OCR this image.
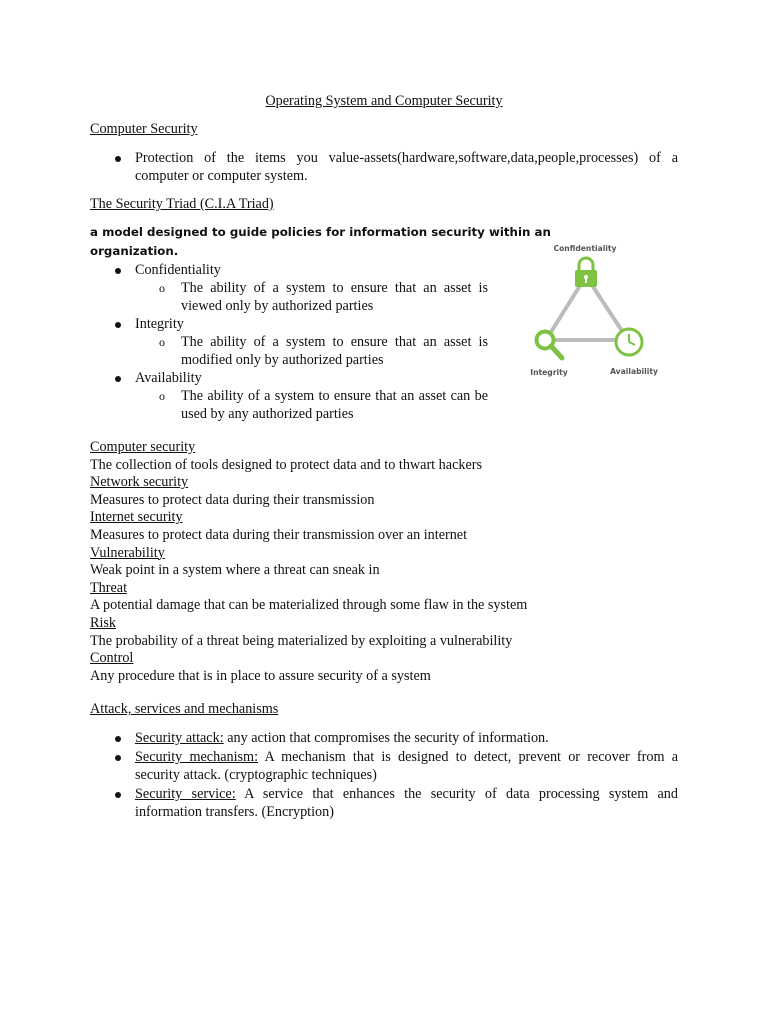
Operating System and Computer Security
Computer Security
Protection of the items you value-assets(hardware,software,data,people,processes) of a computer or computer system.
The Security Triad (C.I.A Triad)
a model designed to guide policies for information security within an
organization.
Confidentiality
o The ability of a system to ensure that an asset is viewed only by authorized parties
Integrity
o The ability of a system to ensure that an asset is modified only by authorized parties
Availability
o The ability of a system to ensure that an asset can be used by any authorized parties
Confidentiality
Integrity	Availability
Computer security
The collection of tools designed to protect data and to thwart hackers
Network security
Measures to protect data during their transmission
Internet security
Measures to protect data during their transmission over an internet
Vulnerability
Weak point in a system where a threat can sneak in
Threat
A potential damage that can be materialized through some flaw in the system
Risk
The probability of a threat being materialized by exploiting a vulnerability
Control
Any procedure that is in place to assure security of a system
Attack, services and mechanisms
Security attack: any action that compromises the security of information.
Security mechanism: A mechanism that is designed to detect, prevent or recover from a security attack. (cryptographic techniques)
Security service: A service that enhances the security of data processing system and information transfers. (Encryption)
